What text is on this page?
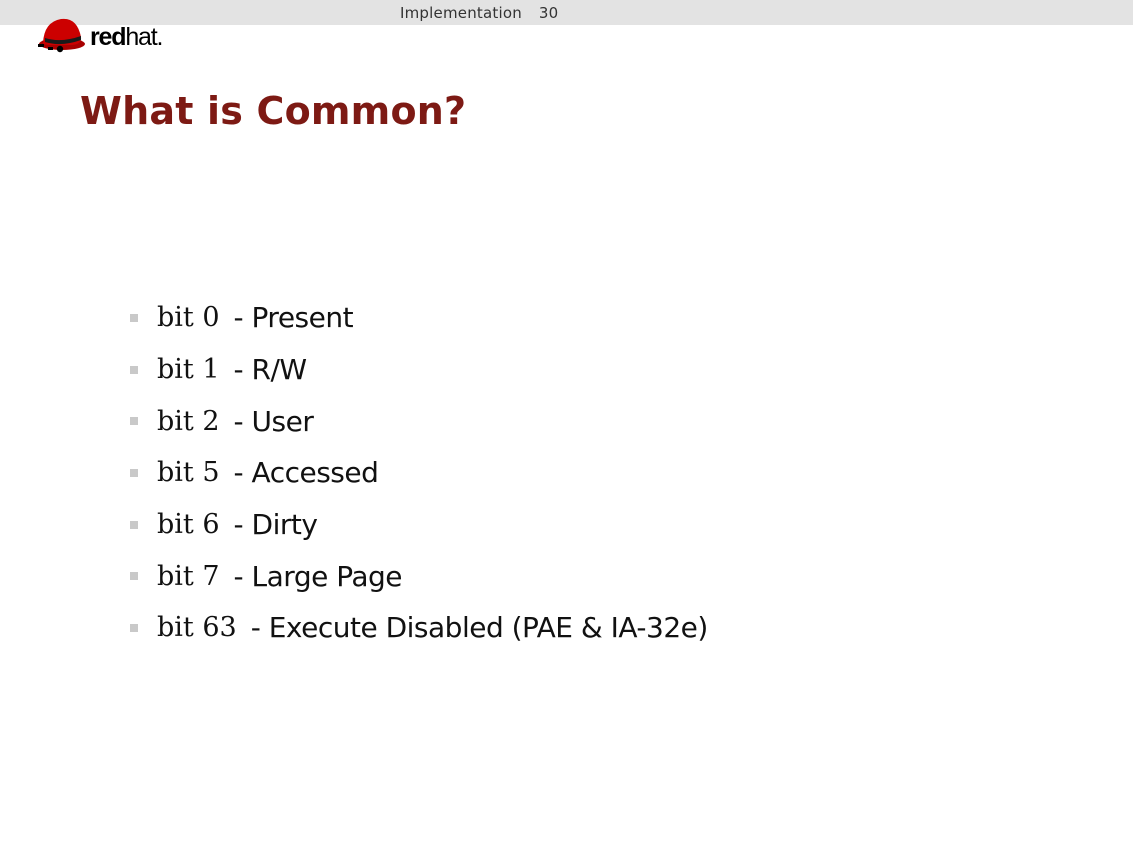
Implementation 30
redhat.
What is Common?
bit 0 - Present
bit 1 - R/W
bit 2 - User
bit 5 - Accessed
bit 6 - Dirty
bit 7 - Large Page
bit 63 - Execute Disabled (PAE & IA-32e)
